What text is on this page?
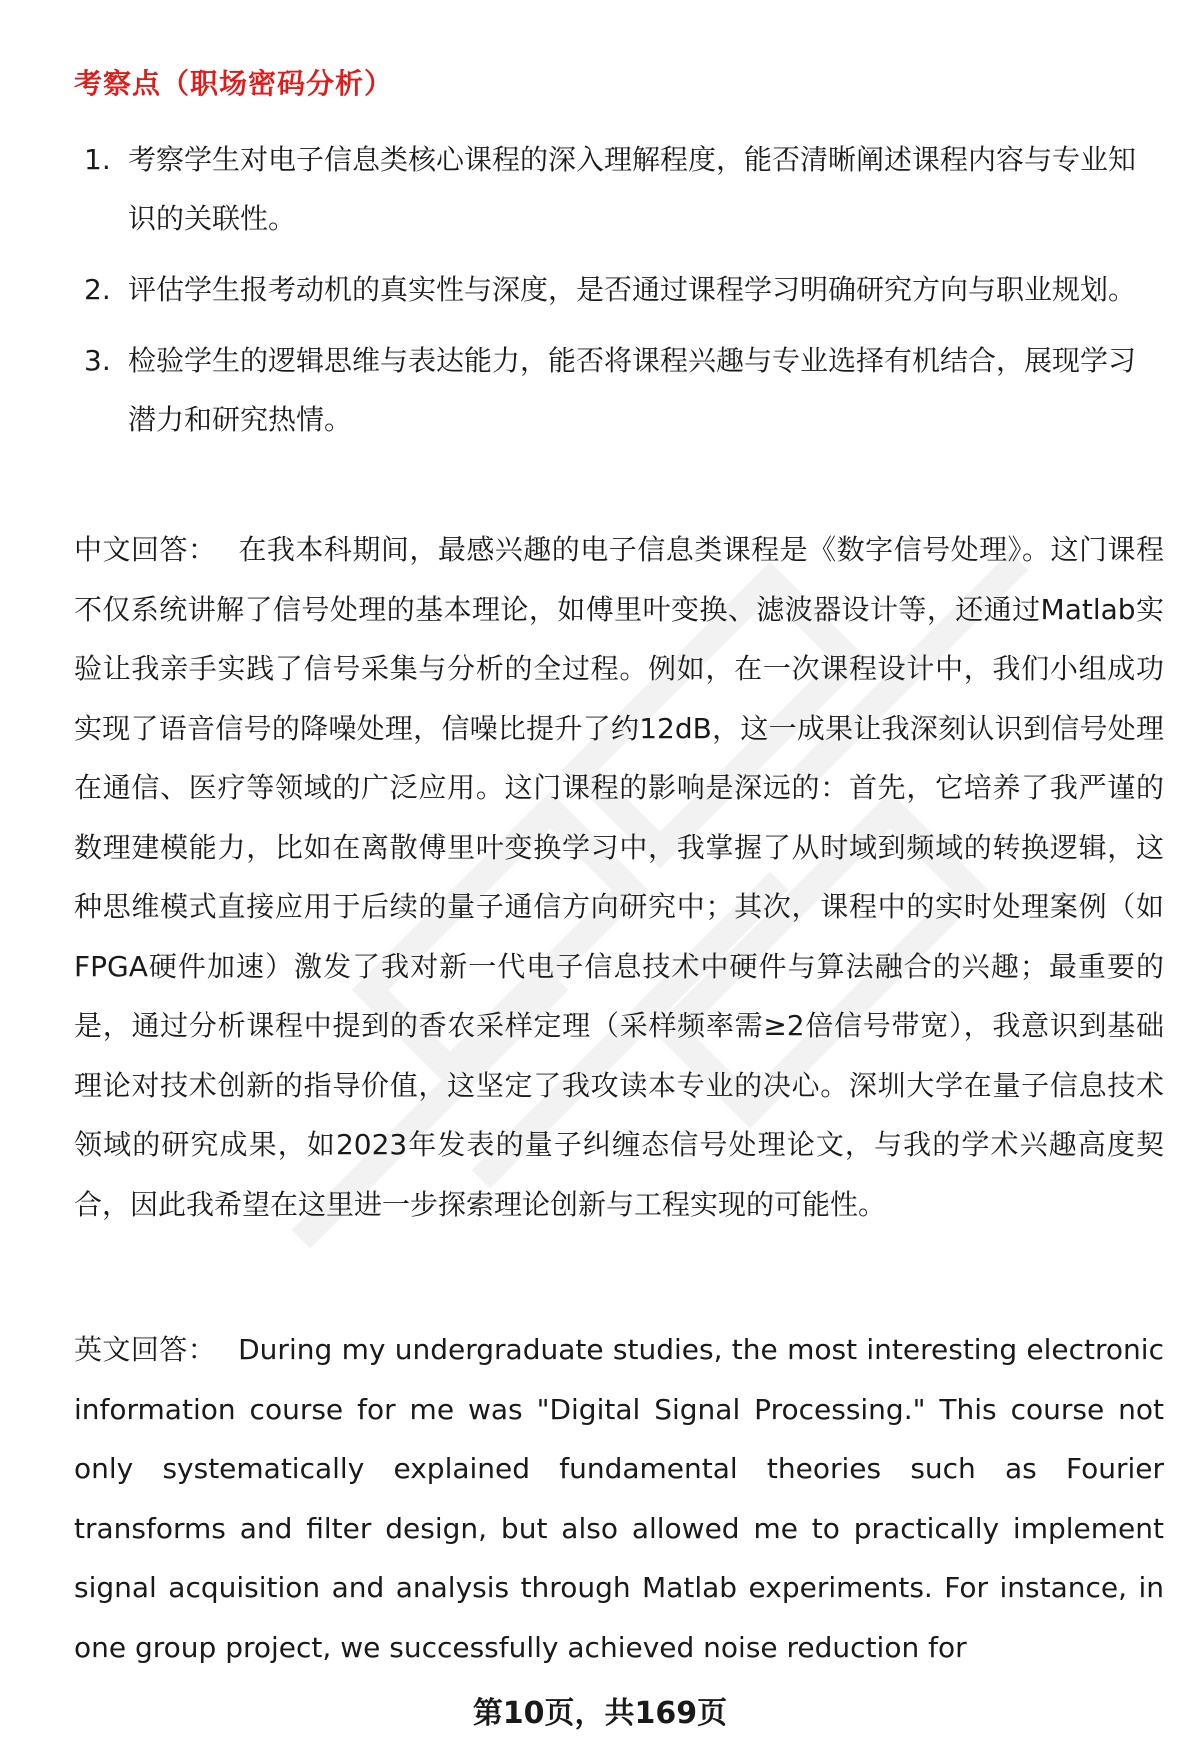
考察点（职场密码分析）
1. 考察学生对电子信息类核心课程的深入理解程度，能否清晰阐述课程内容与专业知识的关联性。
2. 评估学生报考动机的真实性与深度，是否通过课程学习明确研究方向与职业规划。
3. 检验学生的逻辑思维与表达能力，能否将课程兴趣与专业选择有机结合，展现学习潜力和研究热情。
中文回答： 在我本科期间，最感兴趣的电子信息类课程是《数字信号处理》。这门课程不仅系统讲解了信号处理的基本理论，如傅里叶变换、滤波器设计等，还通过Matlab实验让我亲手实践了信号采集与分析的全过程。例如，在一次课程设计中，我们小组成功实现了语音信号的降噪处理，信噪比提升了约12dB，这一成果让我深刻认识到信号处理在通信、医疗等领域的广泛应用。这门课程的影响是深远的：首先，它培养了我严谨的数理建模能力，比如在离散傅里叶变换学习中，我掌握了从时域到频域的转换逻辑，这种思维模式直接应用于后续的量子通信方向研究中；其次，课程中的实时处理案例（如FPGA硬件加速）激发了我对新一代电子信息技术中硬件与算法融合的兴趣；最重要的是，通过分析课程中提到的香农采样定理（采样频率需≥2倍信号带宽），我意识到基础理论对技术创新的指导价值，这坚定了我攻读本专业的决心。深圳大学在量子信息技术领域的研究成果，如2023年发表的量子纠缠态信号处理论文，与我的学术兴趣高度契合，因此我希望在这里进一步探索理论创新与工程实现的可能性。
英文回答： During my undergraduate studies, the most interesting electronic information course for me was "Digital Signal Processing." This course not only systematically explained fundamental theories such as Fourier transforms and filter design, but also allowed me to practically implement signal acquisition and analysis through Matlab experiments. For instance, in one group project, we successfully achieved noise reduction for
第10页，共169页
